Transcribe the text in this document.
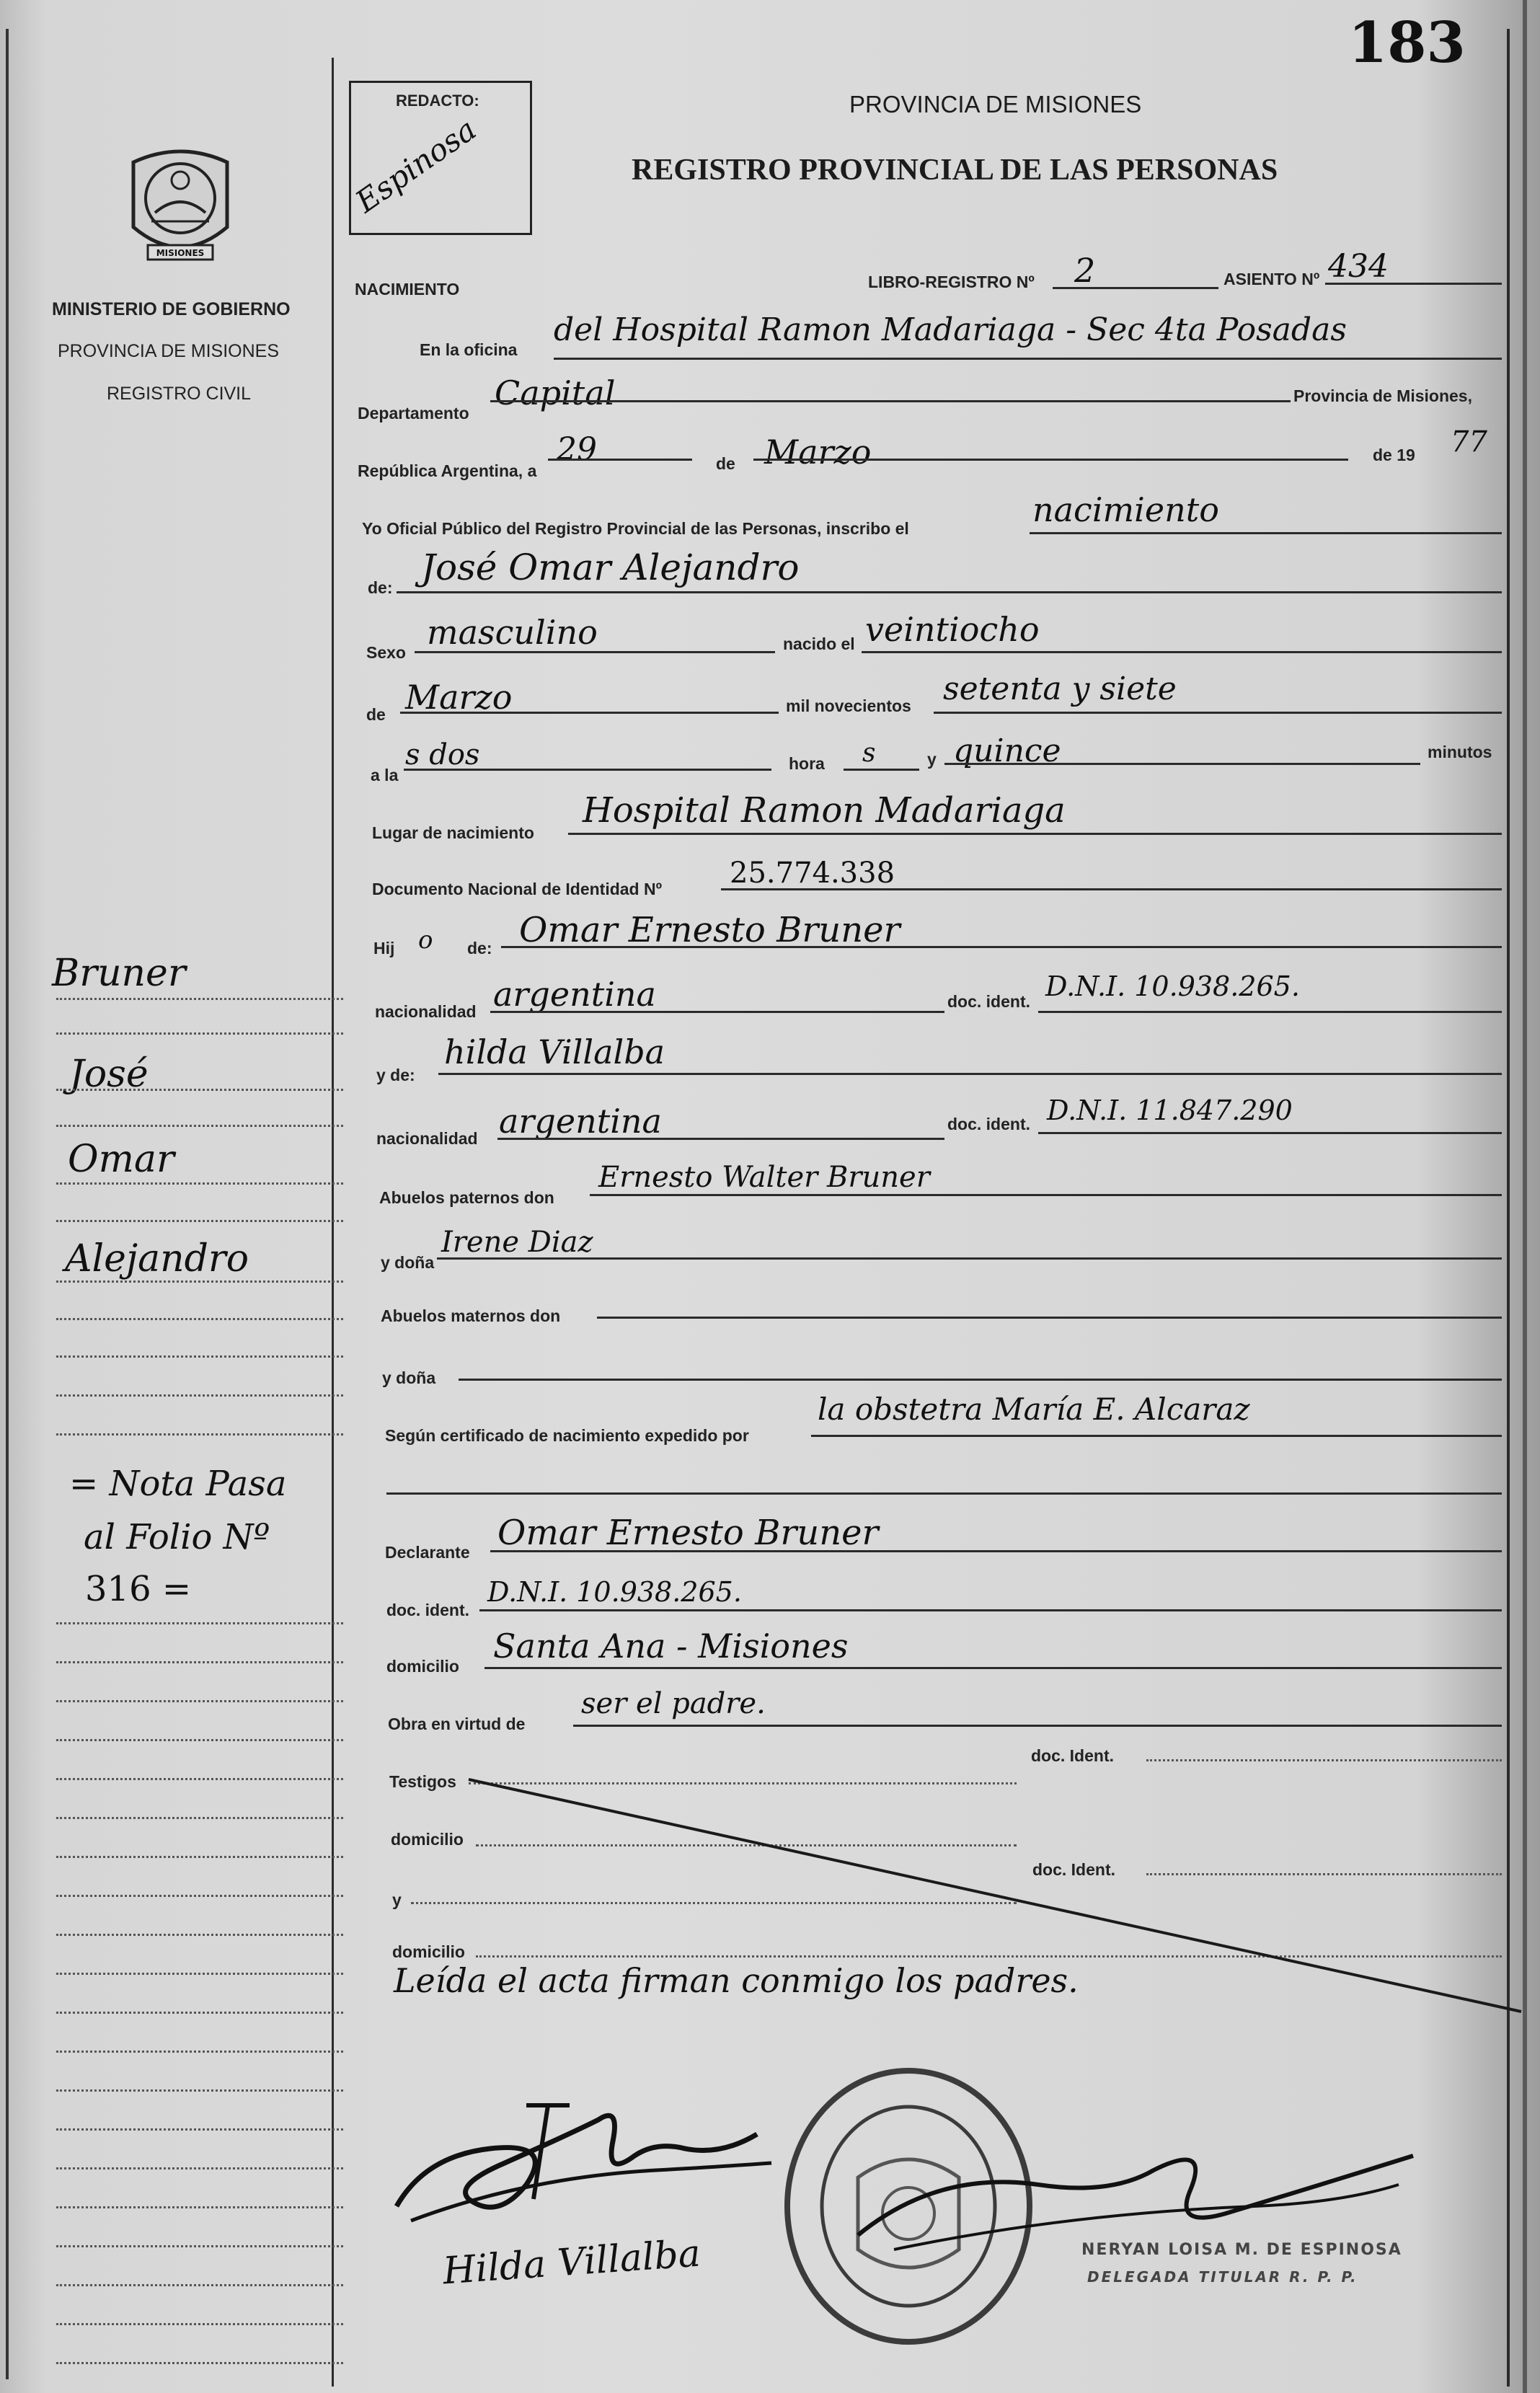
183
MISIONES
MINISTERIO DE GOBIERNO
PROVINCIA DE MISIONES
REGISTRO CIVIL
REDACTO:
Espinosa
PROVINCIA DE MISIONES
REGISTRO PROVINCIAL DE LAS PERSONAS
NACIMIENTO	LIBRO-REGISTRO Nº 2	ASIENTO Nº 434
En la oficina
del Hospital Ramon Madariaga - Sec 4ta Posadas
Departamento
Capital	Provincia de Misiones,
República Argentina, a
29	de Marzo	de 19 77
Yo Oficial Público del Registro Provincial de las Personas, inscribo el	nacimiento
de: José Omar Alejandro
Sexo
masculino	nacido el veintiocho
de Marzo	mil novecientos setenta y siete
a la
s dos	hora s	y quince	minutos
Lugar de nacimiento
Hospital Ramon Madariaga
Documento Nacional de Identidad Nº 25.774.338
Hij o de: Omar Ernesto Bruner
nacionalidad argentina	doc. ident. D.N.I. 10.938.265.
y de:
hilda Villalba
nacionalidad argentina	doc. ident. D.N.I. 11.847.290
Abuelos paternos don
Ernesto Walter Bruner
y doña
Irene Diaz
Abuelos maternos don
y doña
Según certificado de nacimiento expedido por
la obstetra María E. Alcaraz
Declarante Omar Ernesto Bruner
doc. ident.
D.N.I. 10.938.265.
domicilio
Santa Ana - Misiones
Obra en virtud de
ser el padre.
Testigos
doc. Ident.
domicilio
doc. Ident.
y
domicilio
Leída el acta firman conmigo los padres.
Bruner
José
Omar
Alejandro
= Nota Pasa
al Folio Nº
316 =
Hilda Villalba	NERYAN LOISA M. DE ESPINOSA
DELEGADA TITULAR R. P. P.
